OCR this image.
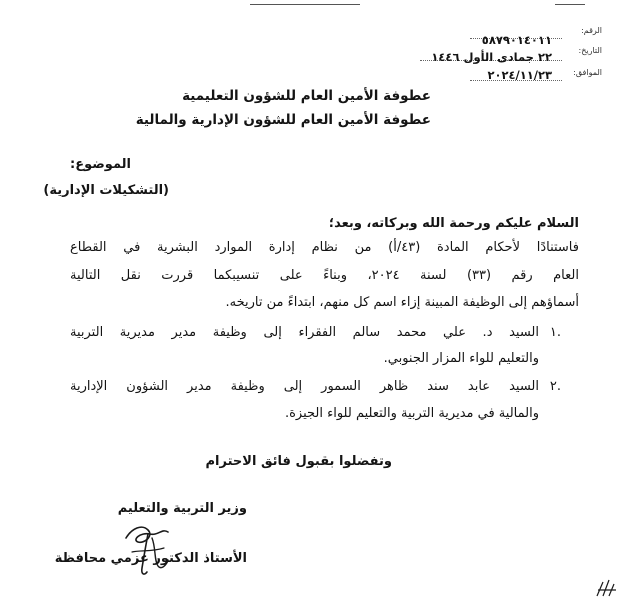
الرقم:
التاريخ:
الموافق:
٥٨٧٩٠١٤٠١١
٢٢ جمادى الأول ١٤٤٦
٢٠٢٤/١١/٢٣
عطوفة الأمين العام للشؤون التعليمية
عطوفة الأمين العام للشؤون الإدارية والمالية
الموضوع:
(التشكيلات الإدارية)
السلام عليكم ورحمة الله وبركاته، وبعد؛
فاستنادًا لأحكام المادة (٤٣/أ) من نظام إدارة الموارد البشرية في القطاع
العام رقم (٣٣) لسنة ٢٠٢٤، وبناءً على تنسيبكما قررت نقل التالية
أسماؤهم إلى الوظيفة المبينة إزاء اسم كل منهم، ابتداءً من تاريخه.
١.
السيد د. علي محمد سالم الفقراء إلى وظيفة مدير مديرية التربية
والتعليم للواء المزار الجنوبي.
٢.
السيد عابد سند ظاهر السمور إلى وظيفة مدير الشؤون الإدارية
والمالية في مديرية التربية والتعليم للواء الجيزة.
وتفضلوا بقبول فائق الاحترام
وزير التربية والتعليم
الأستاذ الدكتور عزمي محافظة
